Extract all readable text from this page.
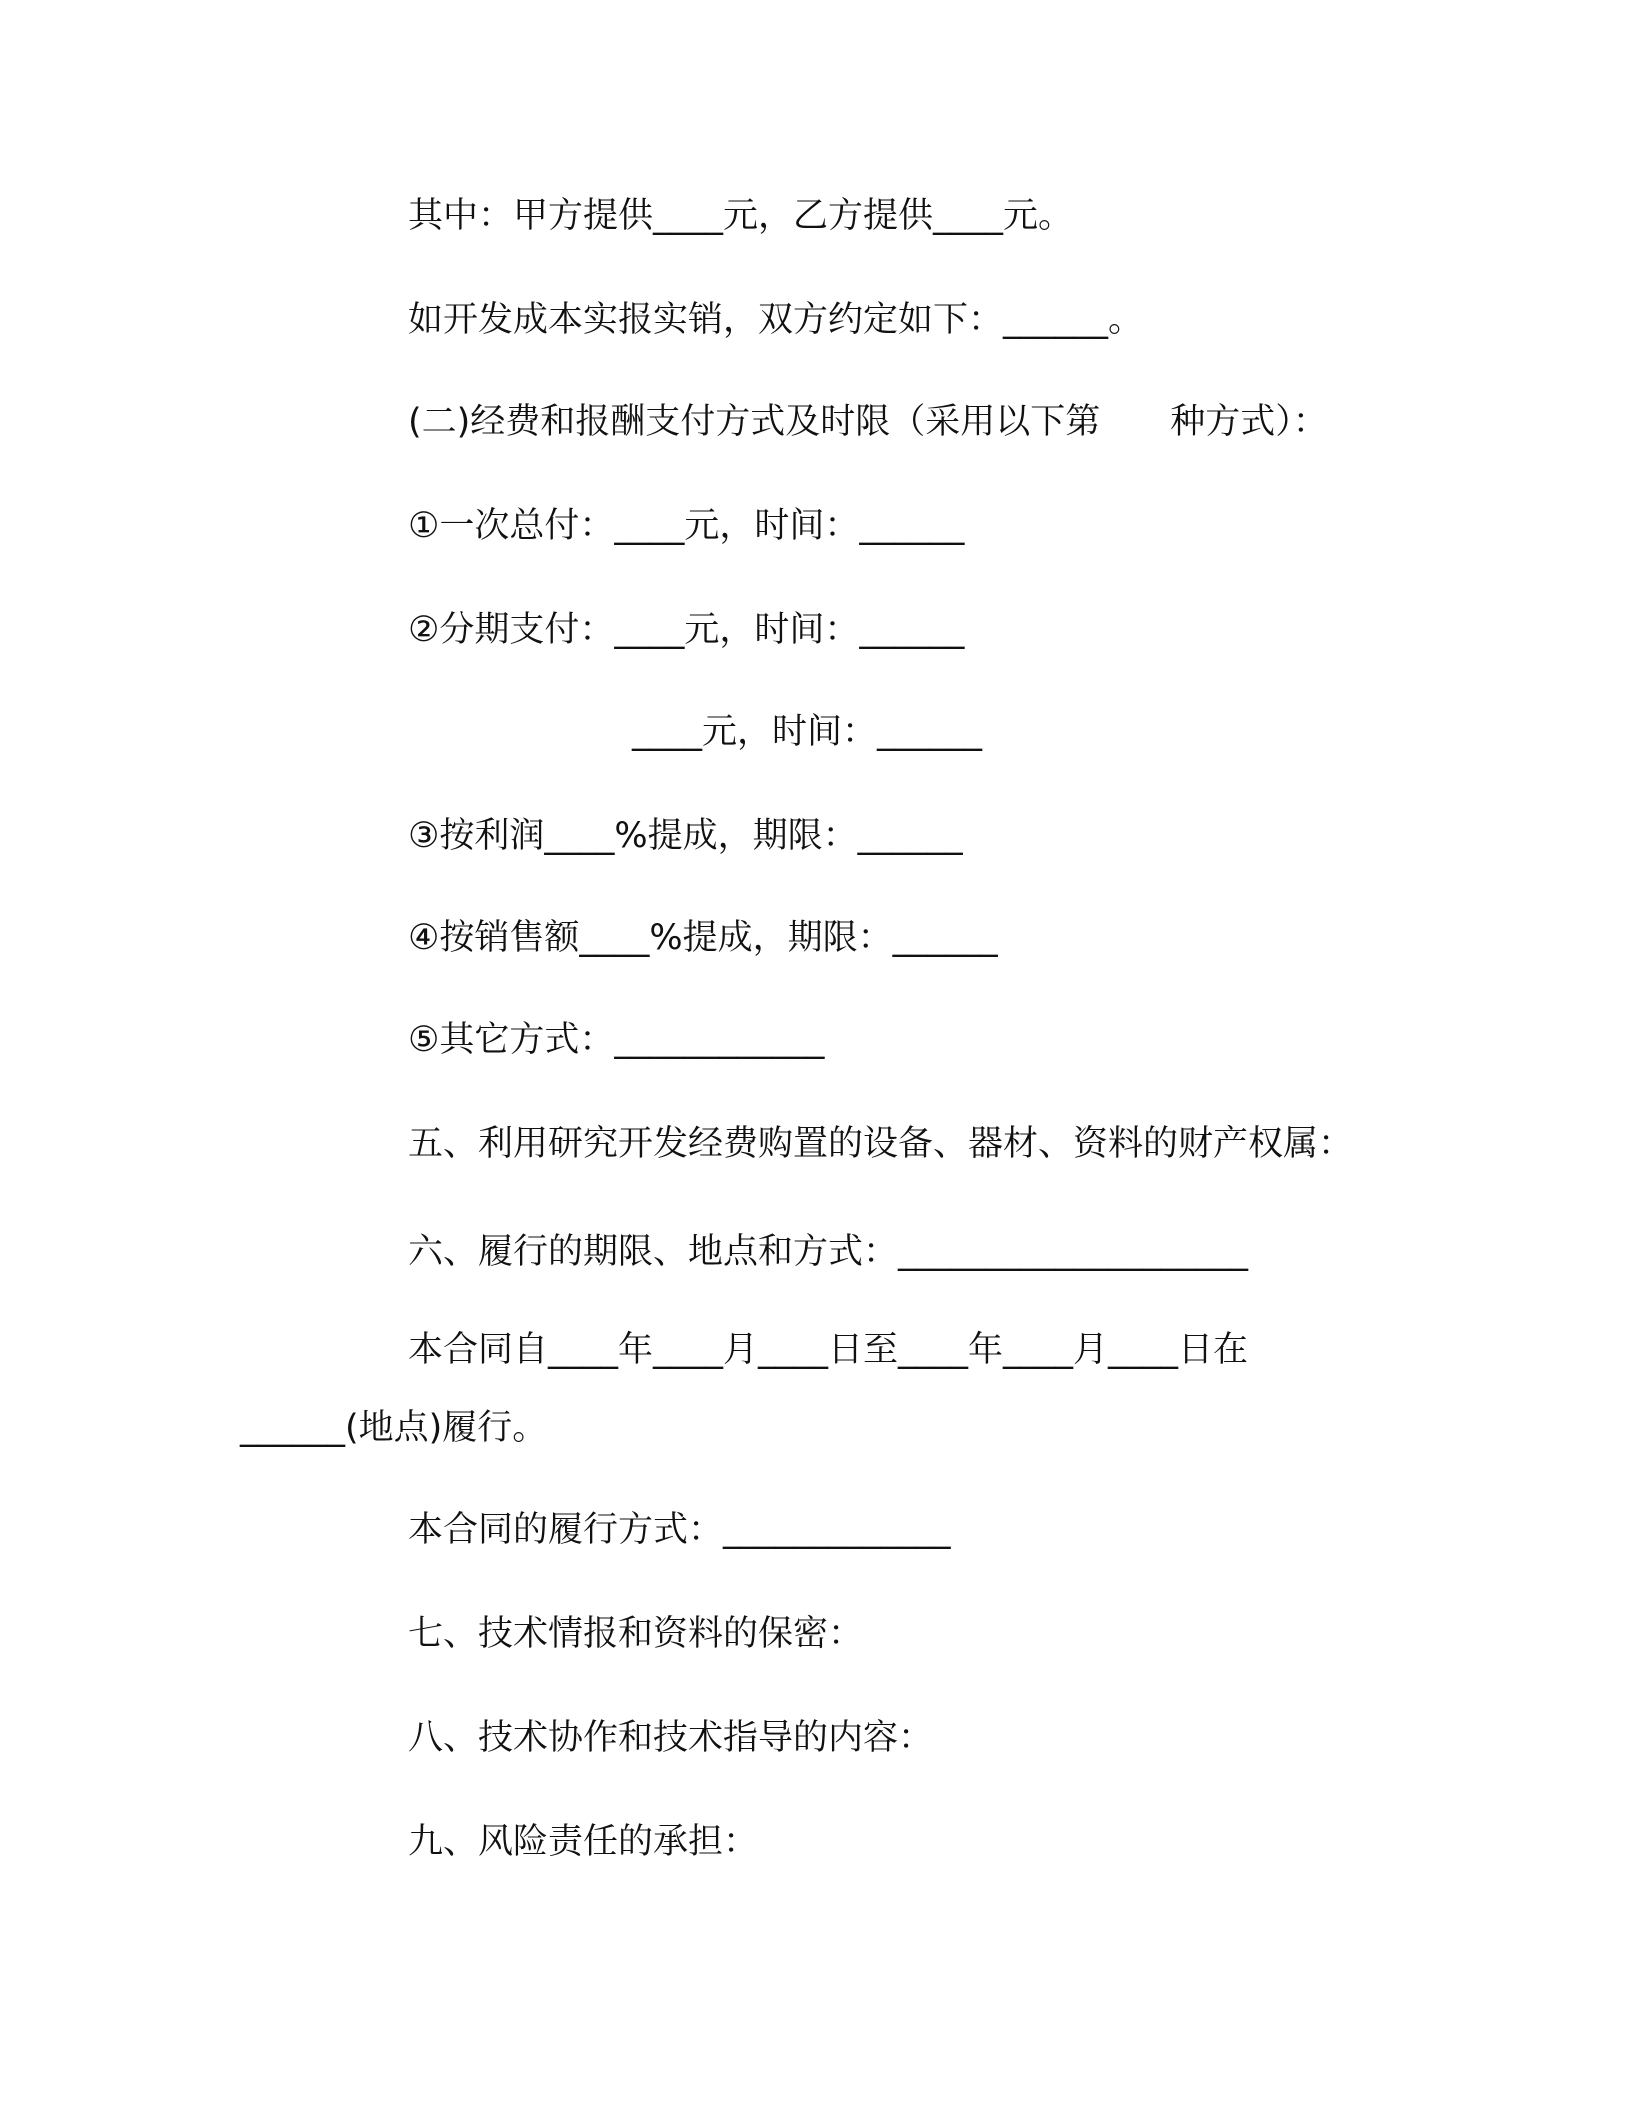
其中：甲方提供____元，乙方提供____元。

如开发成本实报实销，双方约定如下：______。

(二)经费和报酬支付方式及时限（采用以下第　　种方式）：

①一次总付：____元，时间：______

②分期支付：____元，时间：______

____元，时间：______

③按利润____%提成，期限：______

④按销售额____%提成，期限：______

⑤其它方式：____________

五、利用研究开发经费购置的设备、器材、资料的财产权属：

六、履行的期限、地点和方式：____________________

本合同自____年____月____日至____年____月____日在

______(地点)履行。

本合同的履行方式：_____________

七、技术情报和资料的保密：

八、技术协作和技术指导的内容：

九、风险责任的承担：
